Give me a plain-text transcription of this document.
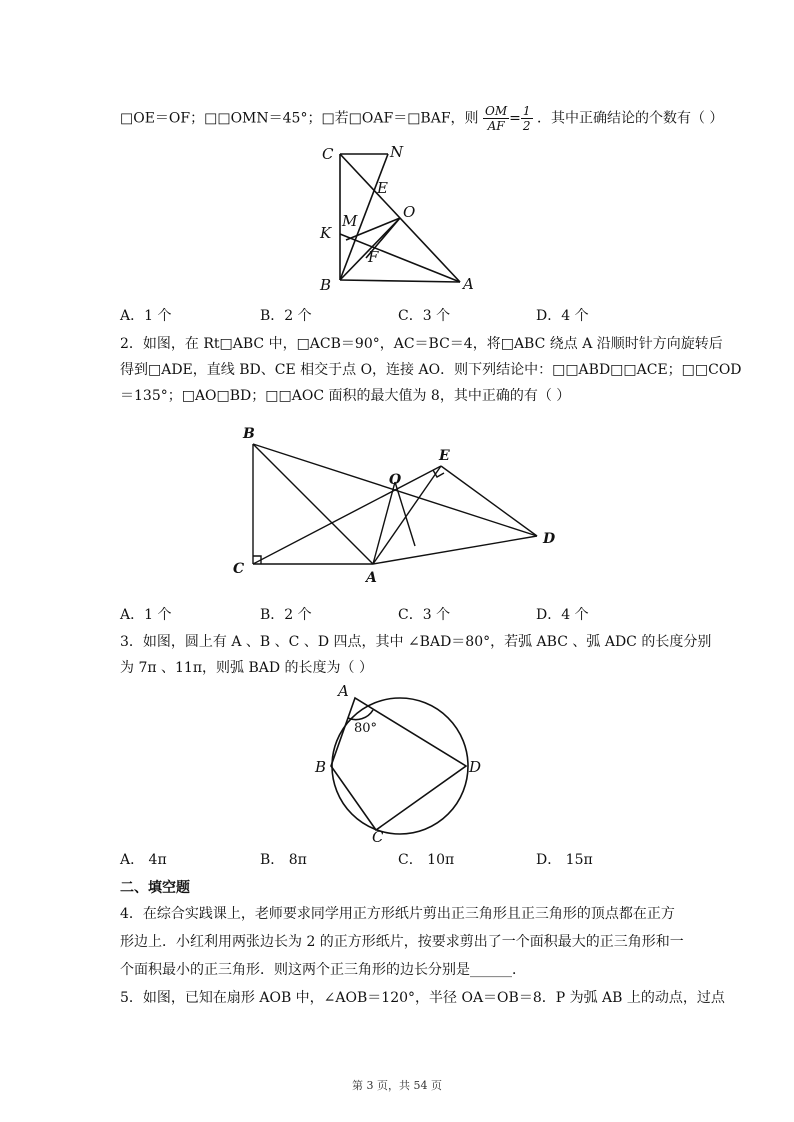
□OE＝OF；□□OMN＝45°；□若□OAF＝□BAF，则 $\frac{OM}{AF} = \frac{1}{2}$ ．其中正确结论的个数有（ ）
C	N
E
O
M
K
F
B	A
A．1 个	B．2 个	C．3 个	D．4 个
2．如图，在 Rt□ABC 中，□ACB＝90°，AC＝BC＝4，将□ABC 绕点 A 沿顺时针方向旋转后
得到□ADE，直线 BD、CE 相交于点 O，连接 AO．则下列结论中：□□ABD□□ACE；□□COD
＝135°；□AO□BD；□□AOC 面积的最大值为 8，其中正确的有（ ）
B
E
O
D
C
A
A．1 个	B．2 个	C．3 个	D．4 个
3．如图，圆上有 A 、B 、C 、D 四点，其中 ∠BAD＝80°，若弧 ABC 、弧 ADC 的长度分别
为 7π 、11π，则弧 BAD 的长度为（ ）
A
B
C
D
80°
A． 4π	B． 8π	C． 10π	D． 15π
二、填空题
4．在综合实践课上，老师要求同学用正方形纸片剪出正三角形且正三角形的顶点都在正方
形边上．小红利用两张边长为 2 的正方形纸片，按要求剪出了一个面积最大的正三角形和一
个面积最小的正三角形．则这两个正三角形的边长分别是______．
5．如图，已知在扇形 AOB 中，∠AOB＝120°，半径 OA＝OB＝8．P 为弧 AB 上的动点，过点
第 3 页，共 54 页
